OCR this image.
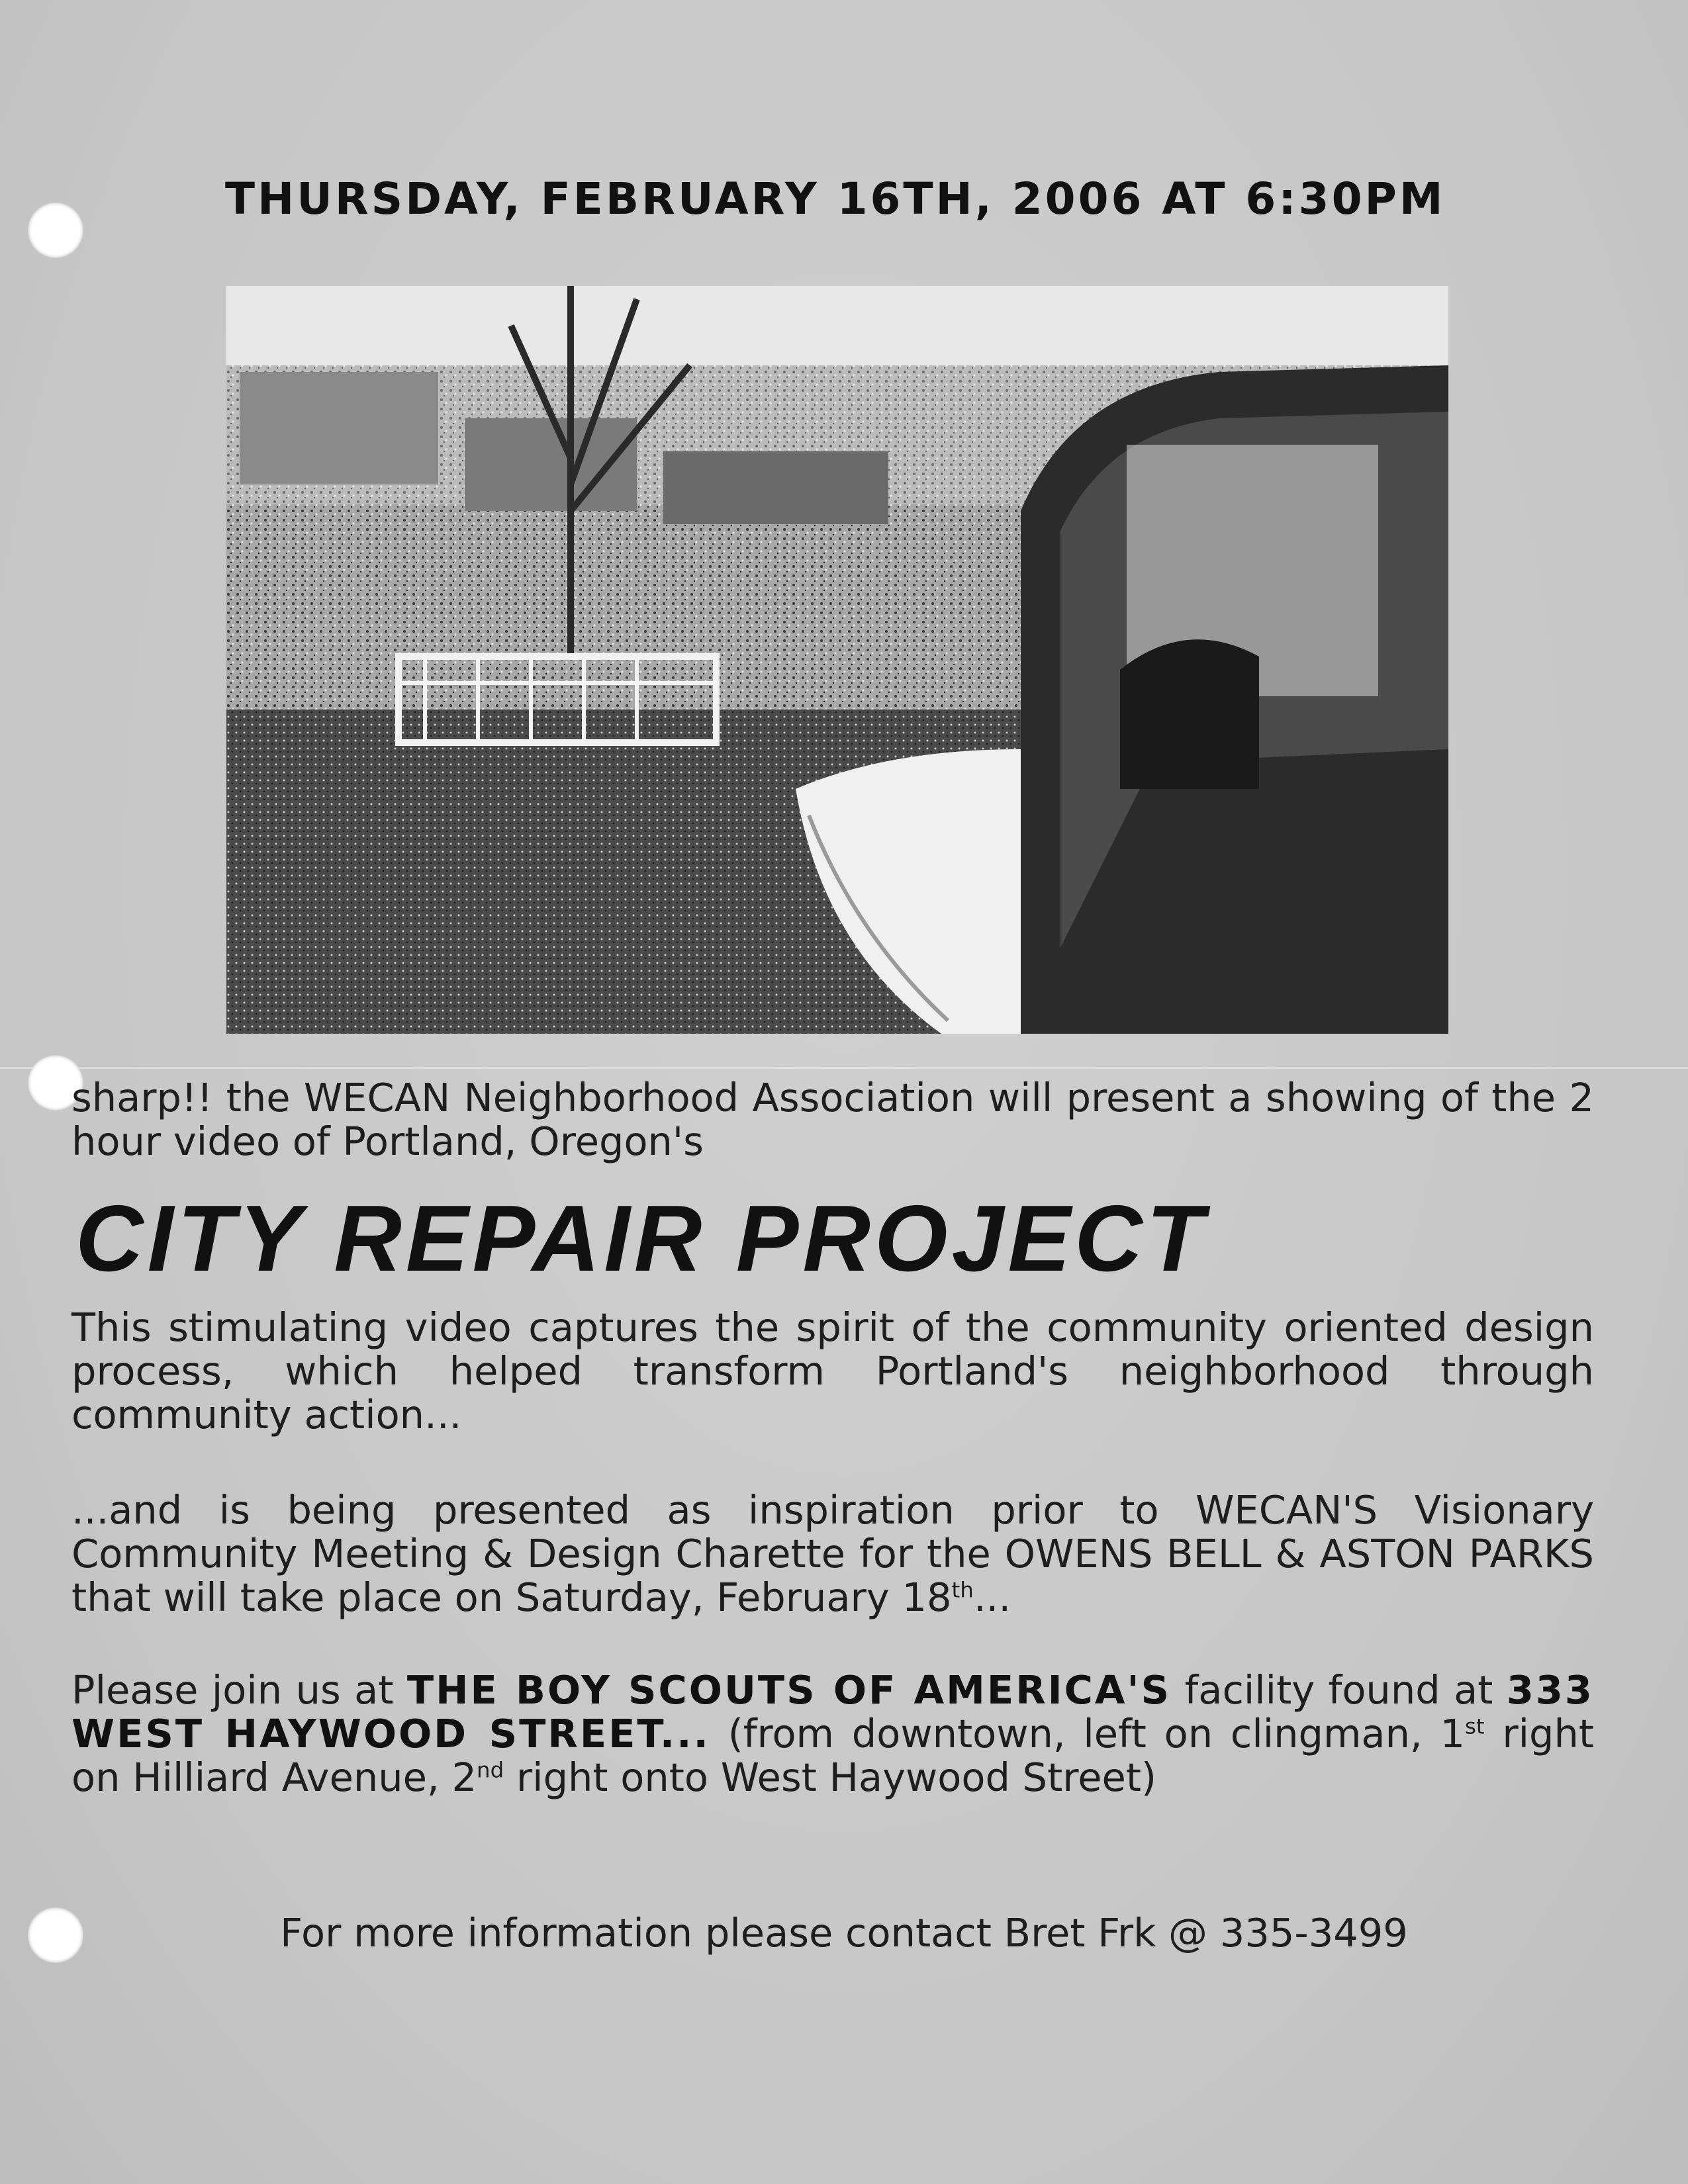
THURSDAY, FEBRUARY 16TH, 2006 AT 6:30PM

sharp!! the WECAN Neighborhood Association will present a showing of the 2 hour video of Portland, Oregon's

CITY REPAIR PROJECT

This stimulating video captures the spirit of the community oriented design process, which helped transform Portland's neighborhood through community action...

...and is being presented as inspiration prior to WECAN'S Visionary Community Meeting & Design Charette for the OWENS BELL & ASTON PARKS that will take place on Saturday, February 18th...

Please join us at THE BOY SCOUTS OF AMERICA'S facility found at 333 WEST HAYWOOD STREET... (from downtown, left on clingman, 1st right on Hilliard Avenue, 2nd right onto West Haywood Street)

For more information please contact Bret Frk @ 335-3499
